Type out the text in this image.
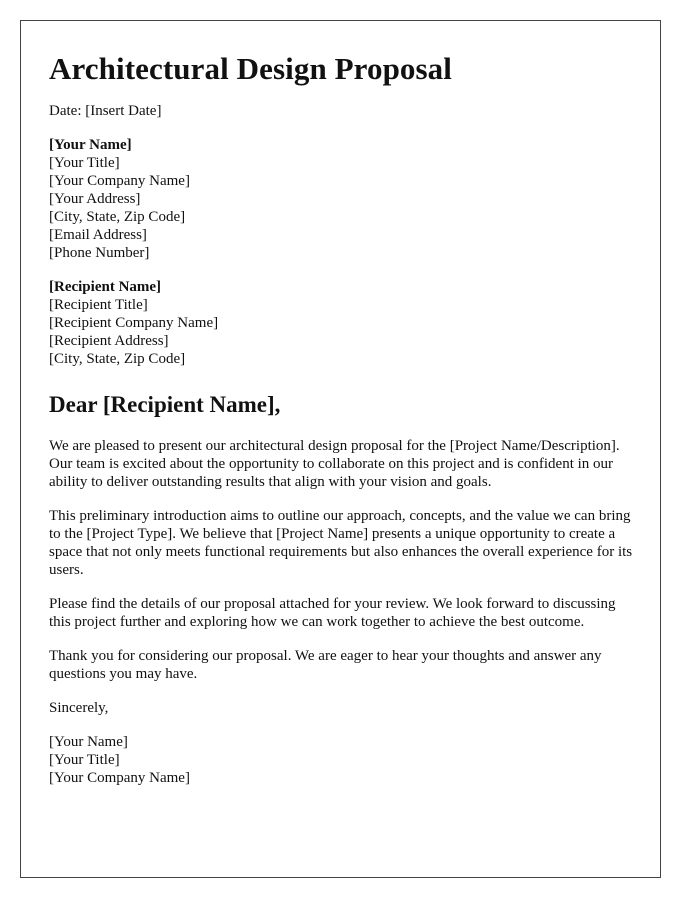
Architectural Design Proposal
Date: [Insert Date]
[Your Name]
[Your Title]
[Your Company Name]
[Your Address]
[City, State, Zip Code]
[Email Address]
[Phone Number]
[Recipient Name]
[Recipient Title]
[Recipient Company Name]
[Recipient Address]
[City, State, Zip Code]
Dear [Recipient Name],

We are pleased to present our architectural design proposal for the [Project Name/Description]. Our team is excited about the opportunity to collaborate on this project and is confident in our ability to deliver outstanding results that align with your vision and goals.

This preliminary introduction aims to outline our approach, concepts, and the value we can bring to the [Project Type]. We believe that [Project Name] presents a unique opportunity to create a space that not only meets functional requirements but also enhances the overall experience for its users.

Please find the details of our proposal attached for your review. We look forward to discussing this project further and exploring how we can work together to achieve the best outcome.

Thank you for considering our proposal. We are eager to hear your thoughts and answer any questions you may have.

Sincerely,
[Your Name]
[Your Title]
[Your Company Name]
